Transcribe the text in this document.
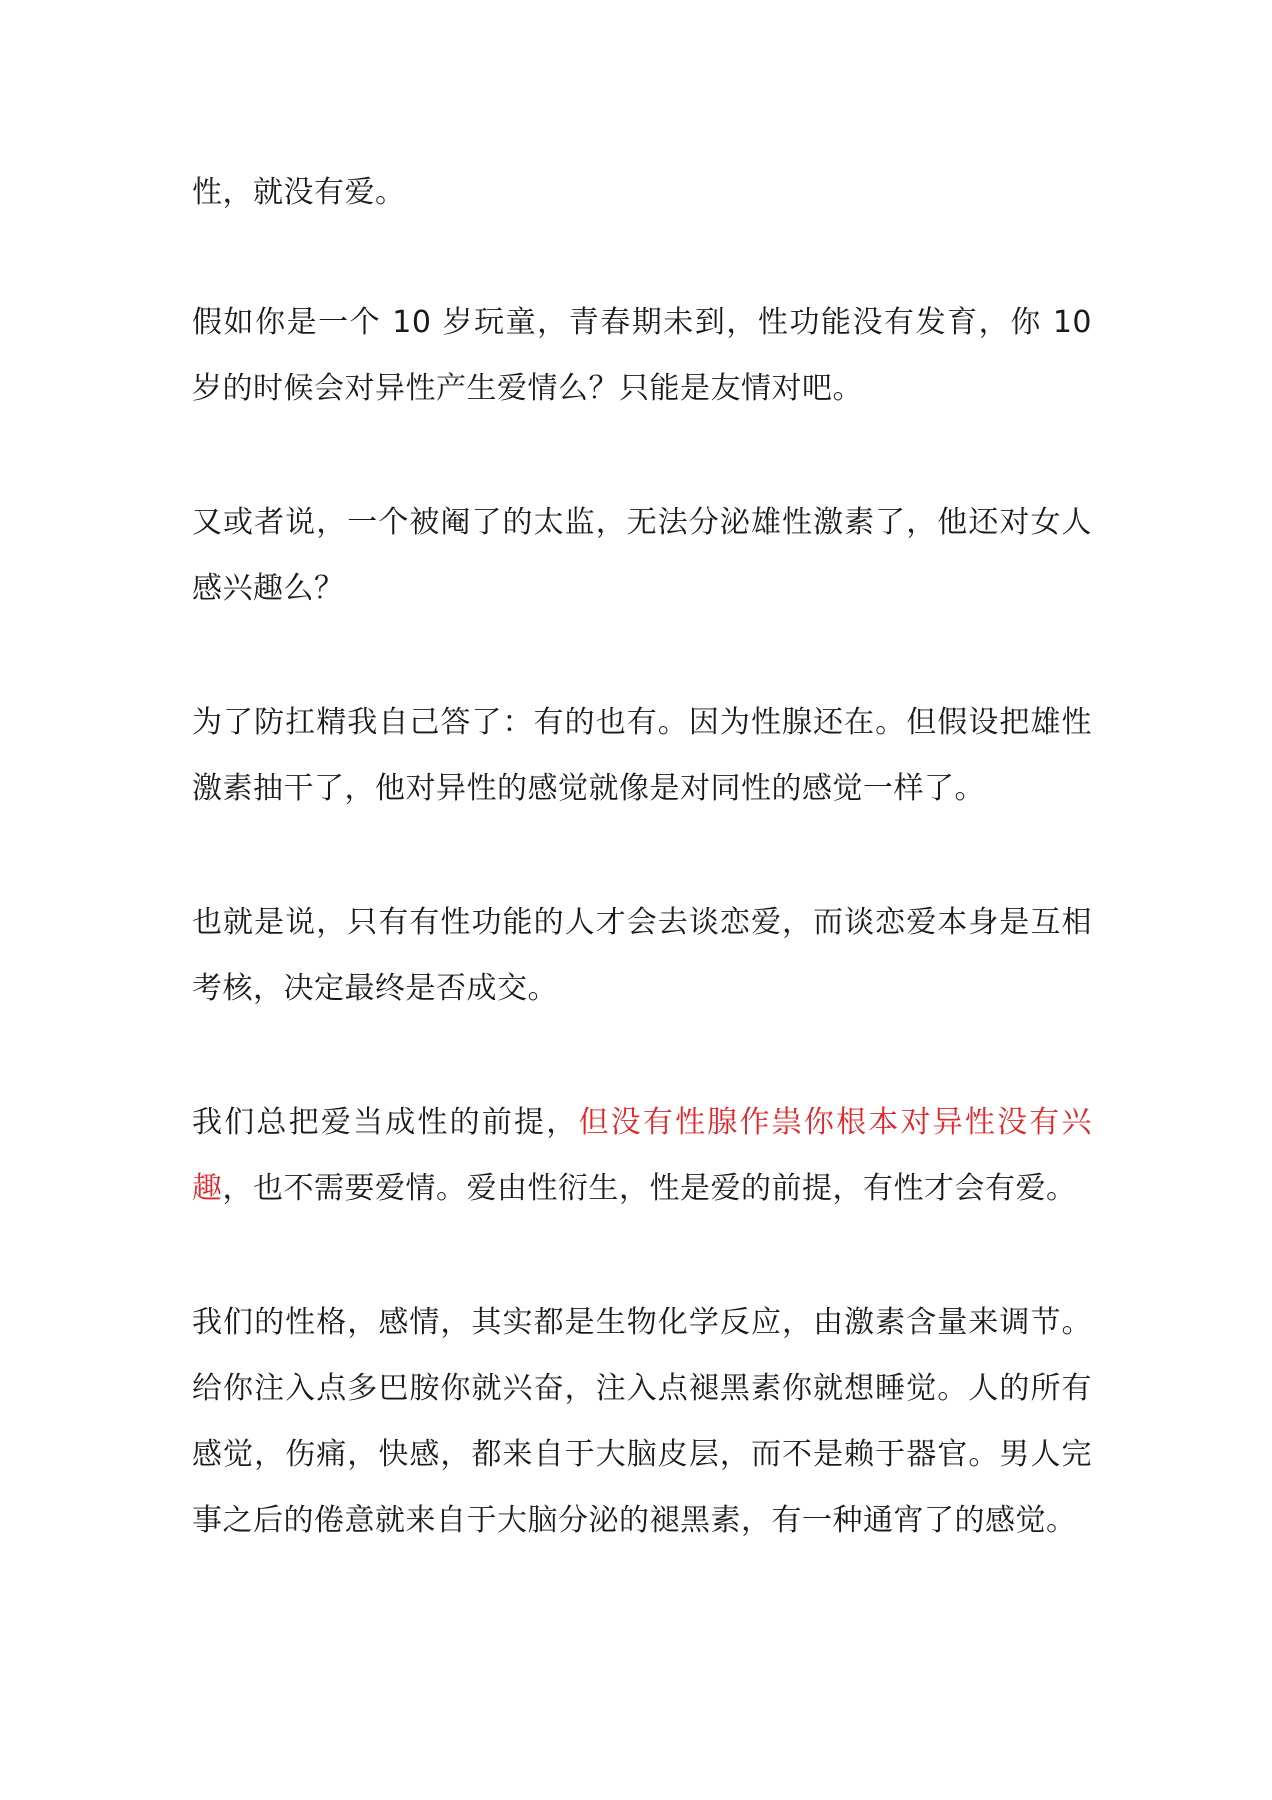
性，就没有爱。

假如你是一个 10 岁玩童，青春期未到，性功能没有发育，你 10 岁的时候会对异性产生爱情么？只能是友情对吧。

又或者说，一个被阉了的太监，无法分泌雄性激素了，他还对女人感兴趣么？

为了防扛精我自己答了：有的也有。因为性腺还在。但假设把雄性激素抽干了，他对异性的感觉就像是对同性的感觉一样了。

也就是说，只有有性功能的人才会去谈恋爱，而谈恋爱本身是互相考核，决定最终是否成交。

我们总把爱当成性的前提，但没有性腺作祟你根本对异性没有兴趣，也不需要爱情。爱由性衍生，性是爱的前提，有性才会有爱。

我们的性格，感情，其实都是生物化学反应，由激素含量来调节。给你注入点多巴胺你就兴奋，注入点褪黑素你就想睡觉。人的所有感觉，伤痛，快感，都来自于大脑皮层，而不是赖于器官。男人完事之后的倦意就来自于大脑分泌的褪黑素，有一种通宵了的感觉。
